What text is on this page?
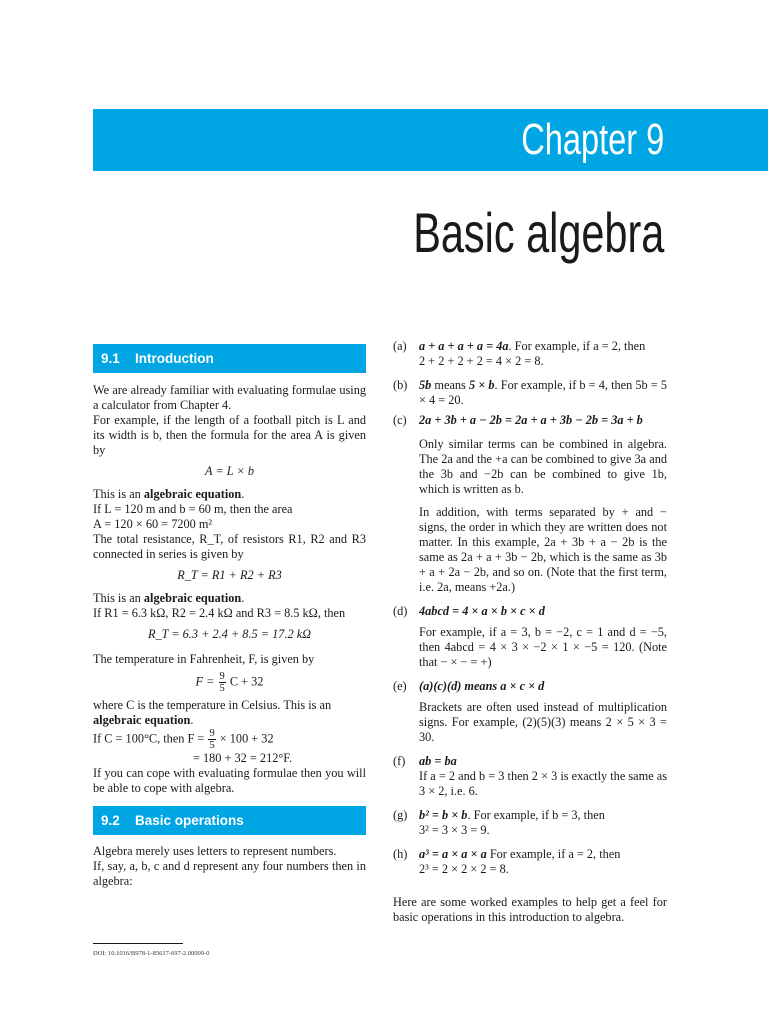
Chapter 9
Basic algebra
9.1 Introduction

We are already familiar with evaluating formulae using a calculator from Chapter 4.

For example, if the length of a football pitch is L and its width is b, then the formula for the area A is given by

A = L × b

This is an algebraic equation.

If L = 120 m and b = 60 m, then the area

A = 120 × 60 = 7200 m²

The total resistance, R_T, of resistors R1, R2 and R3 connected in series is given by

R_T = R1 + R2 + R3

This is an algebraic equation.

If R1 = 6.3 kΩ, R2 = 2.4 kΩ and R3 = 8.5 kΩ, then

R_T = 6.3 + 2.4 + 8.5 = 17.2 kΩ

The temperature in Fahrenheit, F, is given by

$F = \frac{9}{5}$ C + 32

where C is the temperature in Celsius. This is an

algebraic equation.

If C = 100°C, then $F = \frac{9}{5} \times 100 + 32$

= 180 + 32 = 212°F.

If you can cope with evaluating formulae then you will be able to cope with algebra.

9.2 Basic operations

Algebra merely uses letters to represent numbers.

If, say, a, b, c and d represent any four numbers then in algebra:

(a) a + a + a + a = 4a. For example, if a = 2, then

2 + 2 + 2 + 2 = 4 × 2 = 8.

(b) 5b means 5 × b. For example, if b = 4, then 5b = 5 × 4 = 20.

(c) 2a + 3b + a − 2b = 2a + a + 3b − 2b = 3a + b

Only similar terms can be combined in algebra. The 2a and the +a can be combined to give 3a and the 3b and −2b can be combined to give 1b, which is written as b.

In addition, with terms separated by + and − signs, the order in which they are written does not matter. In this example, 2a + 3b + a − 2b is the same as 2a + a + 3b − 2b, which is the same as 3b + a + 2a − 2b, and so on. (Note that the first term, i.e. 2a, means +2a.)

(d) 4abcd = 4 × a × b × c × d

For example, if a = 3, b = −2, c = 1 and d = −5, then 4abcd = 4 × 3 × −2 × 1 × −5 = 120. (Note that − × − = +)

(e) (a)(c)(d) means a × c × d

Brackets are often used instead of multiplication signs. For example, (2)(5)(3) means 2 × 5 × 3 = 30.

(f) ab = ba

If a = 2 and b = 3 then 2 × 3 is exactly the same as 3 × 2, i.e. 6.

(g) b² = b × b. For example, if b = 3, then

3² = 3 × 3 = 9.

(h) a³ = a × a × a For example, if a = 2, then

2³ = 2 × 2 × 2 = 8.

Here are some worked examples to help get a feel for basic operations in this introduction to algebra.

DOI: 10.1016/B978-1-85617-697-2.00009-0
